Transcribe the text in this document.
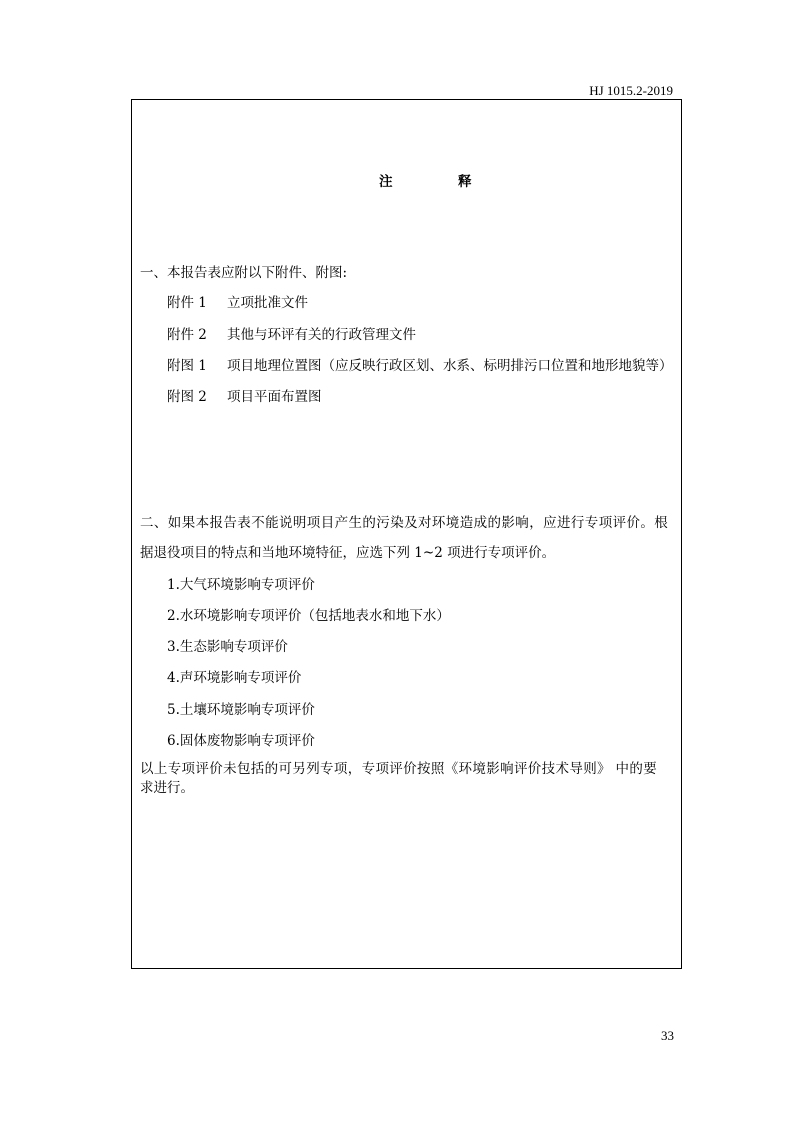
HJ 1015.2-2019
注　释
一、本报告表应附以下附件、附图:
附件 1 立项批准文件
附件 2 其他与环评有关的行政管理文件
附图 1 项目地理位置图（应反映行政区划、水系、标明排污口位置和地形地貌等）
附图 2 项目平面布置图
二、如果本报告表不能说明项目产生的污染及对环境造成的影响，应进行专项评价。根
据退役项目的特点和当地环境特征，应选下列 1~2 项进行专项评价。
1.大气环境影响专项评价
2.水环境影响专项评价（包括地表水和地下水）
3.生态影响专项评价
4.声环境影响专项评价
5.土壤环境影响专项评价
6.固体废物影响专项评价
以上专项评价未包括的可另列专项，专项评价按照《环境影响评价技术导则》 中的要
求进行。
33
